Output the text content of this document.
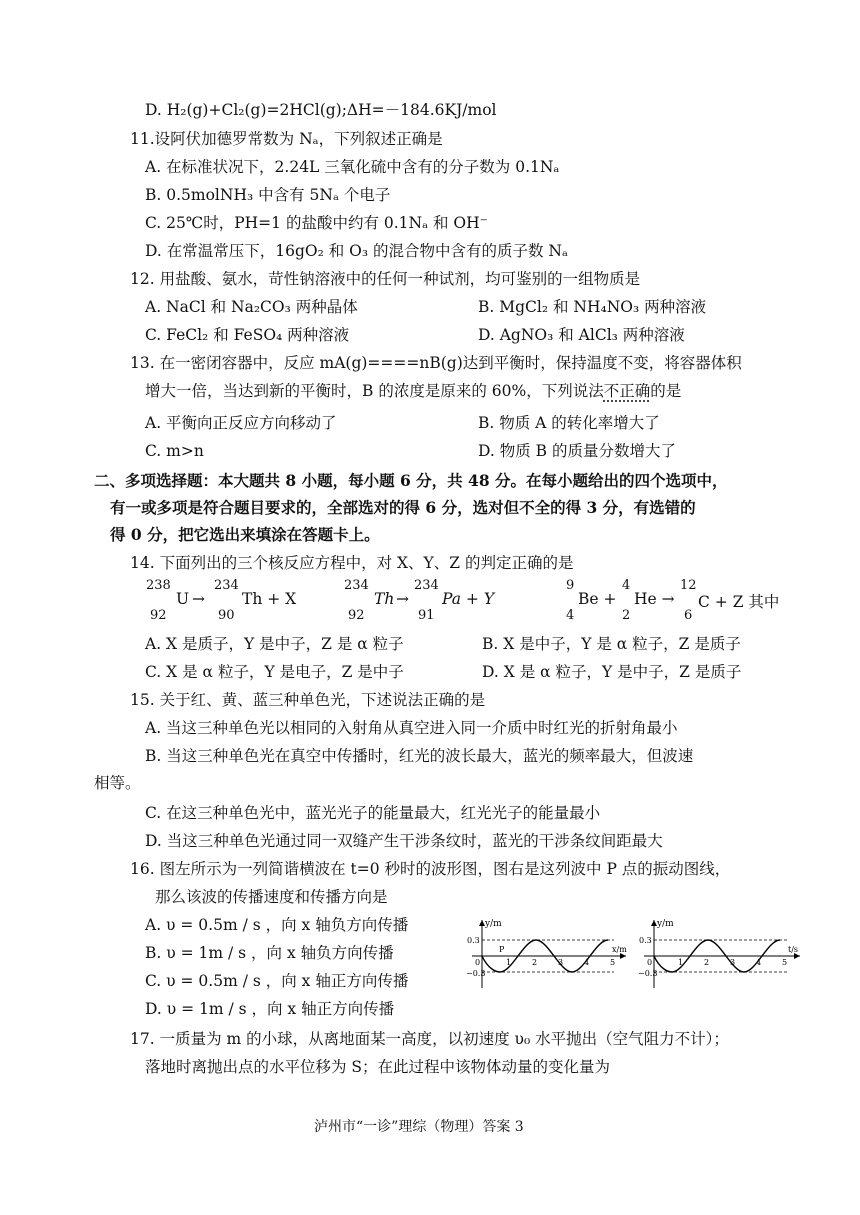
D. H₂(g)+Cl₂(g)=2HCl(g);ΔH=－184.6KJ/mol
11.设阿伏加德罗常数为 Nₐ，下列叙述正确是
A. 在标准状况下，2.24L 三氧化硫中含有的分子数为 0.1Nₐ
B. 0.5molNH₃ 中含有 5Nₐ 个电子
C. 25℃时，PH=1 的盐酸中约有 0.1Nₐ 和 OH⁻
D. 在常温常压下，16gO₂ 和 O₃ 的混合物中含有的质子数 Nₐ
12. 用盐酸、氨水，苛性钠溶液中的任何一种试剂，均可鉴别的一组物质是
A. NaCl 和 Na₂CO₃ 两种晶体	B. MgCl₂ 和 NH₄NO₃ 两种溶液
C. FeCl₂ 和 FeSO₄ 两种溶液	D. AgNO₃ 和 AlCl₃ 两种溶液
13. 在一密闭容器中，反应 mA(g)====nB(g)达到平衡时，保持温度不变，将容器体积
增大一倍，当达到新的平衡时，B 的浓度是原来的 60%，下列说法不正确的是
A. 平衡向正反应方向移动了	B. 物质 A 的转化率增大了
C. m>n	D. 物质 B 的质量分数增大了
二、多项选择题：本大题共 8 小题，每小题 6 分，共 48 分。在每小题给出的四个选项中，
有一或多项是符合题目要求的，全部选对的得 6 分，选对但不全的得 3 分，有选错的
得 0 分，把它选出来填涂在答题卡上。
14. 下面列出的三个核反应方程中，对 X、Y、Z 的判定正确的是
238
92
U →
234
90
Th + X
234
92
Th →
234
91
Pa + Y
9
4
Be +
4
2
He →
12
6
C + Z 其中
A. X 是质子，Y 是中子，Z 是 α 粒子	B. X 是中子，Y 是 α 粒子，Z 是质子
C. X 是 α 粒子，Y 是电子，Z 是中子	D. X 是 α 粒子，Y 是中子，Z 是质子
15. 关于红、黄、蓝三种单色光，下述说法正确的是
A. 当这三种单色光以相同的入射角从真空进入同一介质中时红光的折射角最小
B. 当这三种单色光在真空中传播时，红光的波长最大，蓝光的频率最大，但波速
相等。
C. 在这三种单色光中，蓝光光子的能量最大，红光光子的能量最小
D. 当这三种单色光通过同一双缝产生干涉条纹时，蓝光的干涉条纹间距最大
16. 图左所示为一列简谐横波在 t=0 秒时的波形图，图右是这列波中 P 点的振动图线，
那么该波的传播速度和传播方向是
A. υ = 0.5m / s ，向 x 轴负方向传播
B. υ = 1m / s ，向 x 轴负方向传播
C. υ = 0.5m / s ，向 x 轴正方向传播
D. υ = 1m / s ，向 x 轴正方向传播
y/m
x/m
0.3
−0.3
0
P
1	2	3	4	5
y/m
t/s
0.3
−0.3
0	1	2	3	4	5
17. 一质量为 m 的小球，从离地面某一高度，以初速度 υ₀ 水平抛出（空气阻力不计）；
落地时离抛出点的水平位移为 S；在此过程中该物体动量的变化量为
泸州市“一诊”理综（物理）答案 3
